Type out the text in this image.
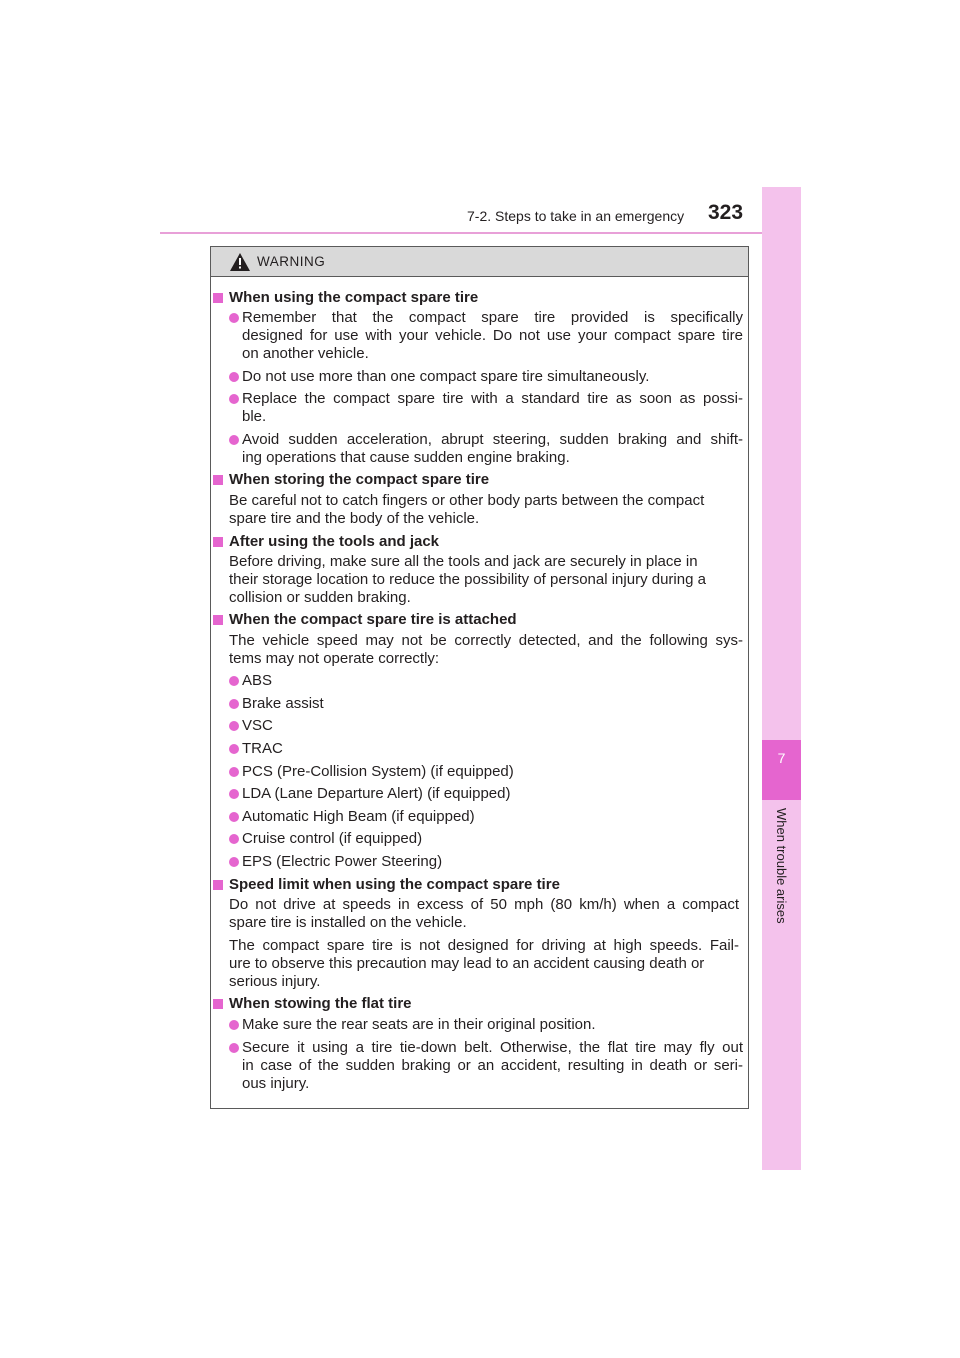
7-2. Steps to take in an emergency 323
7
When trouble arises
WARNING
When using the compact spare tire
Remember that the compact spare tire provided is specifically
designed for use with your vehicle. Do not use your compact spare tire
on another vehicle.
Do not use more than one compact spare tire simultaneously.
Replace the compact spare tire with a standard tire as soon as possi-
ble.
Avoid sudden acceleration, abrupt steering, sudden braking and shift-
ing operations that cause sudden engine braking.
When storing the compact spare tire
Be careful not to catch fingers or other body parts between the compact
spare tire and the body of the vehicle.
After using the tools and jack
Before driving, make sure all the tools and jack are securely in place in
their storage location to reduce the possibility of personal injury during a
collision or sudden braking.
When the compact spare tire is attached
The vehicle speed may not be correctly detected, and the following sys-
tems may not operate correctly:
ABS
Brake assist
VSC
TRAC
PCS (Pre-Collision System) (if equipped)
LDA (Lane Departure Alert) (if equipped)
Automatic High Beam (if equipped)
Cruise control (if equipped)
EPS (Electric Power Steering)
Speed limit when using the compact spare tire
Do not drive at speeds in excess of 50 mph (80 km/h) when a compact
spare tire is installed on the vehicle.
The compact spare tire is not designed for driving at high speeds. Fail-
ure to observe this precaution may lead to an accident causing death or
serious injury.
When stowing the flat tire
Make sure the rear seats are in their original position.
Secure it using a tire tie-down belt. Otherwise, the flat tire may fly out
in case of the sudden braking or an accident, resulting in death or seri-
ous injury.
